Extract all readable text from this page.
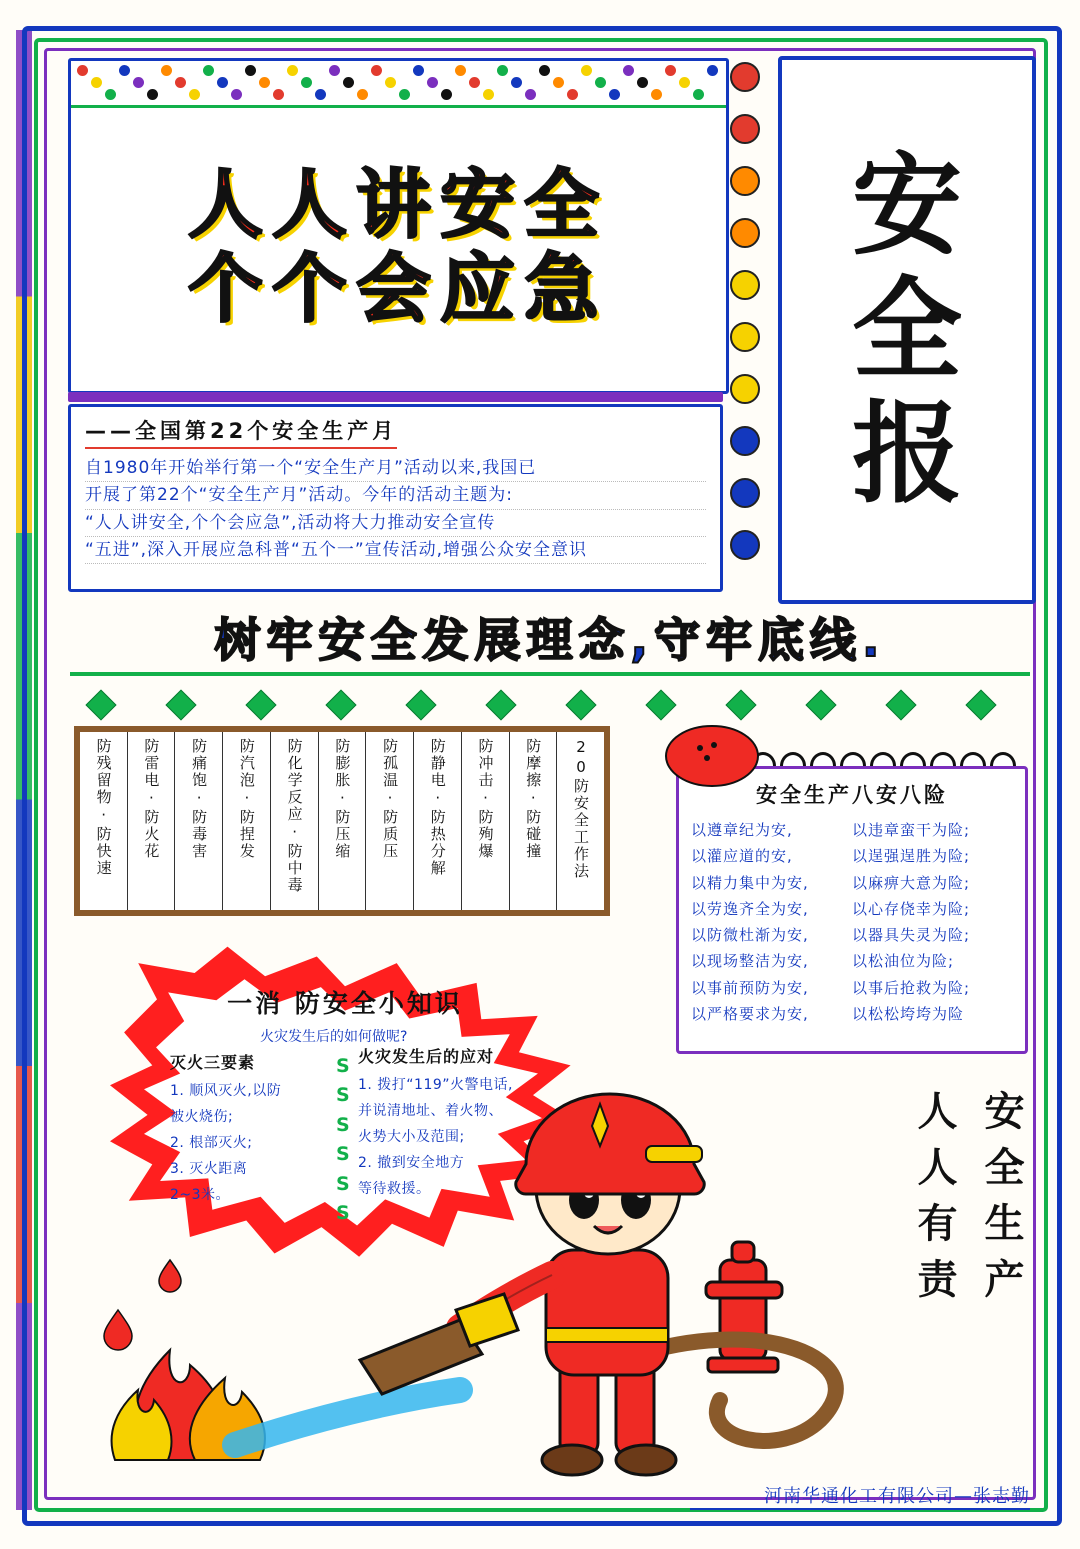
人人讲安全
个个会应急
安
全
报
——全国第22个安全生产月
自1980年开始举行第一个“安全生产月”活动以来,我国已
开展了第22个“安全生产月”活动。今年的活动主题为:
“人人讲安全,个个会应急”,活动将大力推动安全宣传
“五进”,深入开展应急科普“五个一”宣传活动,增强公众安全意识
树牢安全发展理念,守牢底线.
20防安全工作法
防摩擦·防碰撞
防冲击·防殉爆
防静电·防热分解
防孤温·防质压
防膨胀·防压缩
防化学反应·防中毒
防汽泡·防捏发
防痛饱·防毒害
防雷电·防火花
防残留物·防快速	安全生产八安八险
以遵章纪为安,	以违章蛮干为险;
以灌应道的安,	以逞强逞胜为险;
以精力集中为安,	以麻痹大意为险;
以劳逸齐全为安,	以心存侥幸为险;
以防微杜渐为安,	以器具失灵为险;
以现场整洁为安,	以松油位为险;
以事前预防为安,	以事后抢救为险;
以严格要求为安,	以松松垮垮为险
一消 防安全小知识
火灾发生后的如何做呢?
灭火三要素
1. 顺风灭火,以防
被火烧伤;
2. 根部灭火;
3. 灭火距离
2~3米。
S
S
S
S
S
S
火灾发生后的应对
1. 拨打“119”火警电话,
并说清地址、着火物、
火势大小及范围;
2. 撤到安全地方
等待救援。	安全生产
人人有责
河南华通化工有限公司—张志勤
